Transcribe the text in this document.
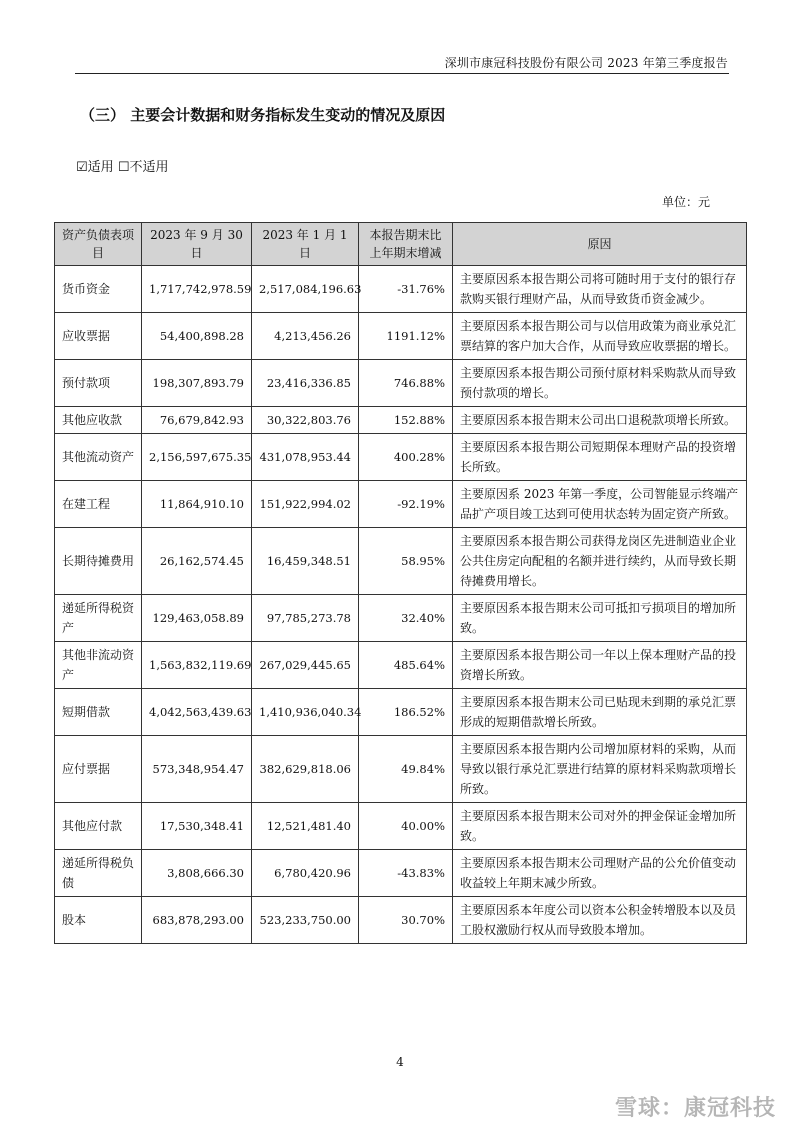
深圳市康冠科技股份有限公司 2023 年第三季度报告
（三） 主要会计数据和财务指标发生变动的情况及原因
☑适用 ☐不适用
单位：元
资产负债表项目	2023 年 9 月 30 日	2023 年 1 月 1 日	本报告期末比上年期末增减	原因
货币资金	1,717,742,978.59	2,517,084,196.63	-31.76%	主要原因系本报告期公司将可随时用于支付的银行存款购买银行理财产品，从而导致货币资金减少。
应收票据	54,400,898.28	4,213,456.26	1191.12%	主要原因系本报告期公司与以信用政策为商业承兑汇票结算的客户加大合作，从而导致应收票据的增长。
预付款项	198,307,893.79	23,416,336.85	746.88%	主要原因系本报告期公司预付原材料采购款从而导致预付款项的增长。
其他应收款	76,679,842.93	30,322,803.76	152.88%	主要原因系本报告期末公司出口退税款项增长所致。
其他流动资产	2,156,597,675.35	431,078,953.44	400.28%	主要原因系本报告期公司短期保本理财产品的投资增长所致。
在建工程	11,864,910.10	151,922,994.02	-92.19%	主要原因系 2023 年第一季度，公司智能显示终端产品扩产项目竣工达到可使用状态转为固定资产所致。
长期待摊费用	26,162,574.45	16,459,348.51	58.95%	主要原因系本报告期公司获得龙岗区先进制造业企业公共住房定向配租的名额并进行续约，从而导致长期待摊费用增长。
递延所得税资产	129,463,058.89	97,785,273.78	32.40%	主要原因系本报告期末公司可抵扣亏损项目的增加所致。
其他非流动资产	1,563,832,119.69	267,029,445.65	485.64%	主要原因系本报告期公司一年以上保本理财产品的投资增长所致。
短期借款	4,042,563,439.63	1,410,936,040.34	186.52%	主要原因系本报告期末公司已贴现未到期的承兑汇票形成的短期借款增长所致。
应付票据	573,348,954.47	382,629,818.06	49.84%	主要原因系本报告期内公司增加原材料的采购，从而导致以银行承兑汇票进行结算的原材料采购款项增长所致。
其他应付款	17,530,348.41	12,521,481.40	40.00%	主要原因系本报告期末公司对外的押金保证金增加所致。
递延所得税负债	3,808,666.30	6,780,420.96	-43.83%	主要原因系本报告期末公司理财产品的公允价值变动收益较上年期末减少所致。
股本	683,878,293.00	523,233,750.00	30.70%	主要原因系本年度公司以资本公积金转增股本以及员工股权激励行权从而导致股本增加。
4
雪球：康冠科技
